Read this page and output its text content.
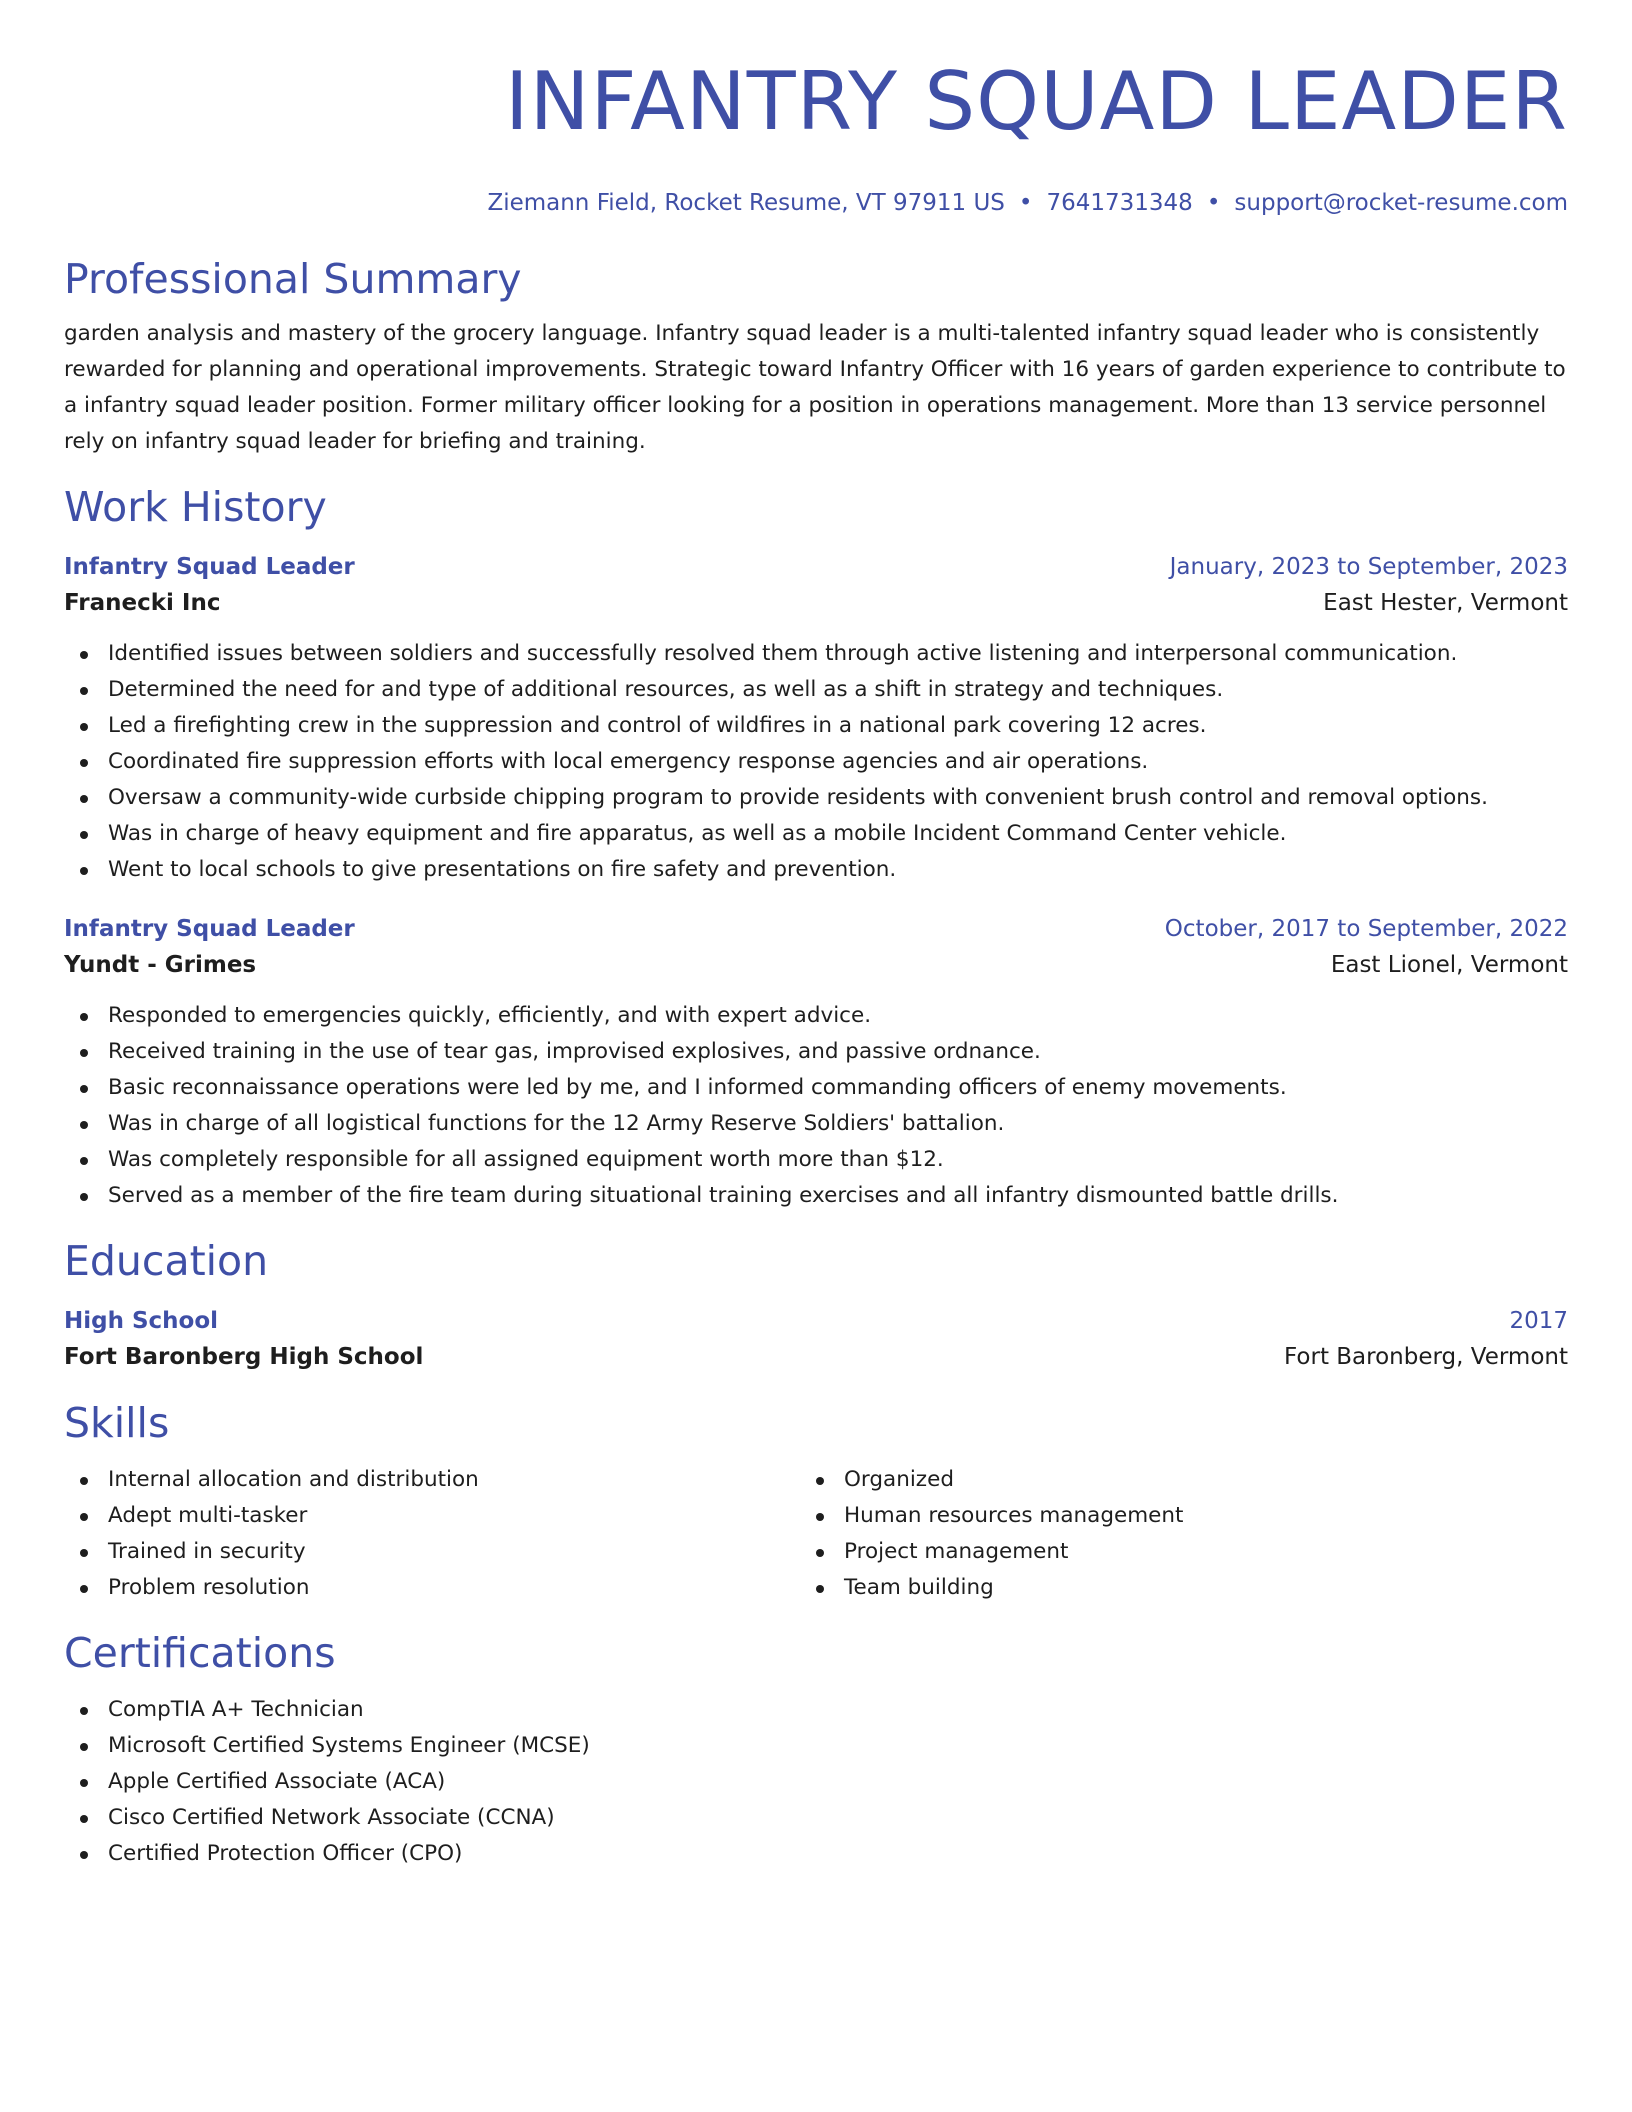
INFANTRY SQUAD LEADER
Ziemann Field, Rocket Resume, VT 97911 US • 7641731348 • support@rocket-resume.com
Professional Summary
garden analysis and mastery of the grocery language. Infantry squad leader is a multi-talented infantry squad leader who is consistently rewarded for planning and operational improvements. Strategic toward Infantry Officer with 16 years of garden experience to contribute to a infantry squad leader position. Former military officer looking for a position in operations management. More than 13 service personnel rely on infantry squad leader for briefing and training.
Work History
Infantry Squad Leader	January, 2023 to September, 2023
Franecki Inc	East Hester, Vermont
Identified issues between soldiers and successfully resolved them through active listening and interpersonal communication.
Determined the need for and type of additional resources, as well as a shift in strategy and techniques.
Led a firefighting crew in the suppression and control of wildfires in a national park covering 12 acres.
Coordinated fire suppression efforts with local emergency response agencies and air operations.
Oversaw a community-wide curbside chipping program to provide residents with convenient brush control and removal options.
Was in charge of heavy equipment and fire apparatus, as well as a mobile Incident Command Center vehicle.
Went to local schools to give presentations on fire safety and prevention.
Infantry Squad Leader	October, 2017 to September, 2022
Yundt - Grimes	East Lionel, Vermont
Responded to emergencies quickly, efficiently, and with expert advice.
Received training in the use of tear gas, improvised explosives, and passive ordnance.
Basic reconnaissance operations were led by me, and I informed commanding officers of enemy movements.
Was in charge of all logistical functions for the 12 Army Reserve Soldiers' battalion.
Was completely responsible for all assigned equipment worth more than $12.
Served as a member of the fire team during situational training exercises and all infantry dismounted battle drills.
Education
High School	2017
Fort Baronberg High School	Fort Baronberg, Vermont
Skills
Internal allocation and distribution
Adept multi-tasker
Trained in security
Problem resolution
Organized
Human resources management
Project management
Team building
Certifications
CompTIA A+ Technician
Microsoft Certified Systems Engineer (MCSE)
Apple Certified Associate (ACA)
Cisco Certified Network Associate (CCNA)
Certified Protection Officer (CPO)
